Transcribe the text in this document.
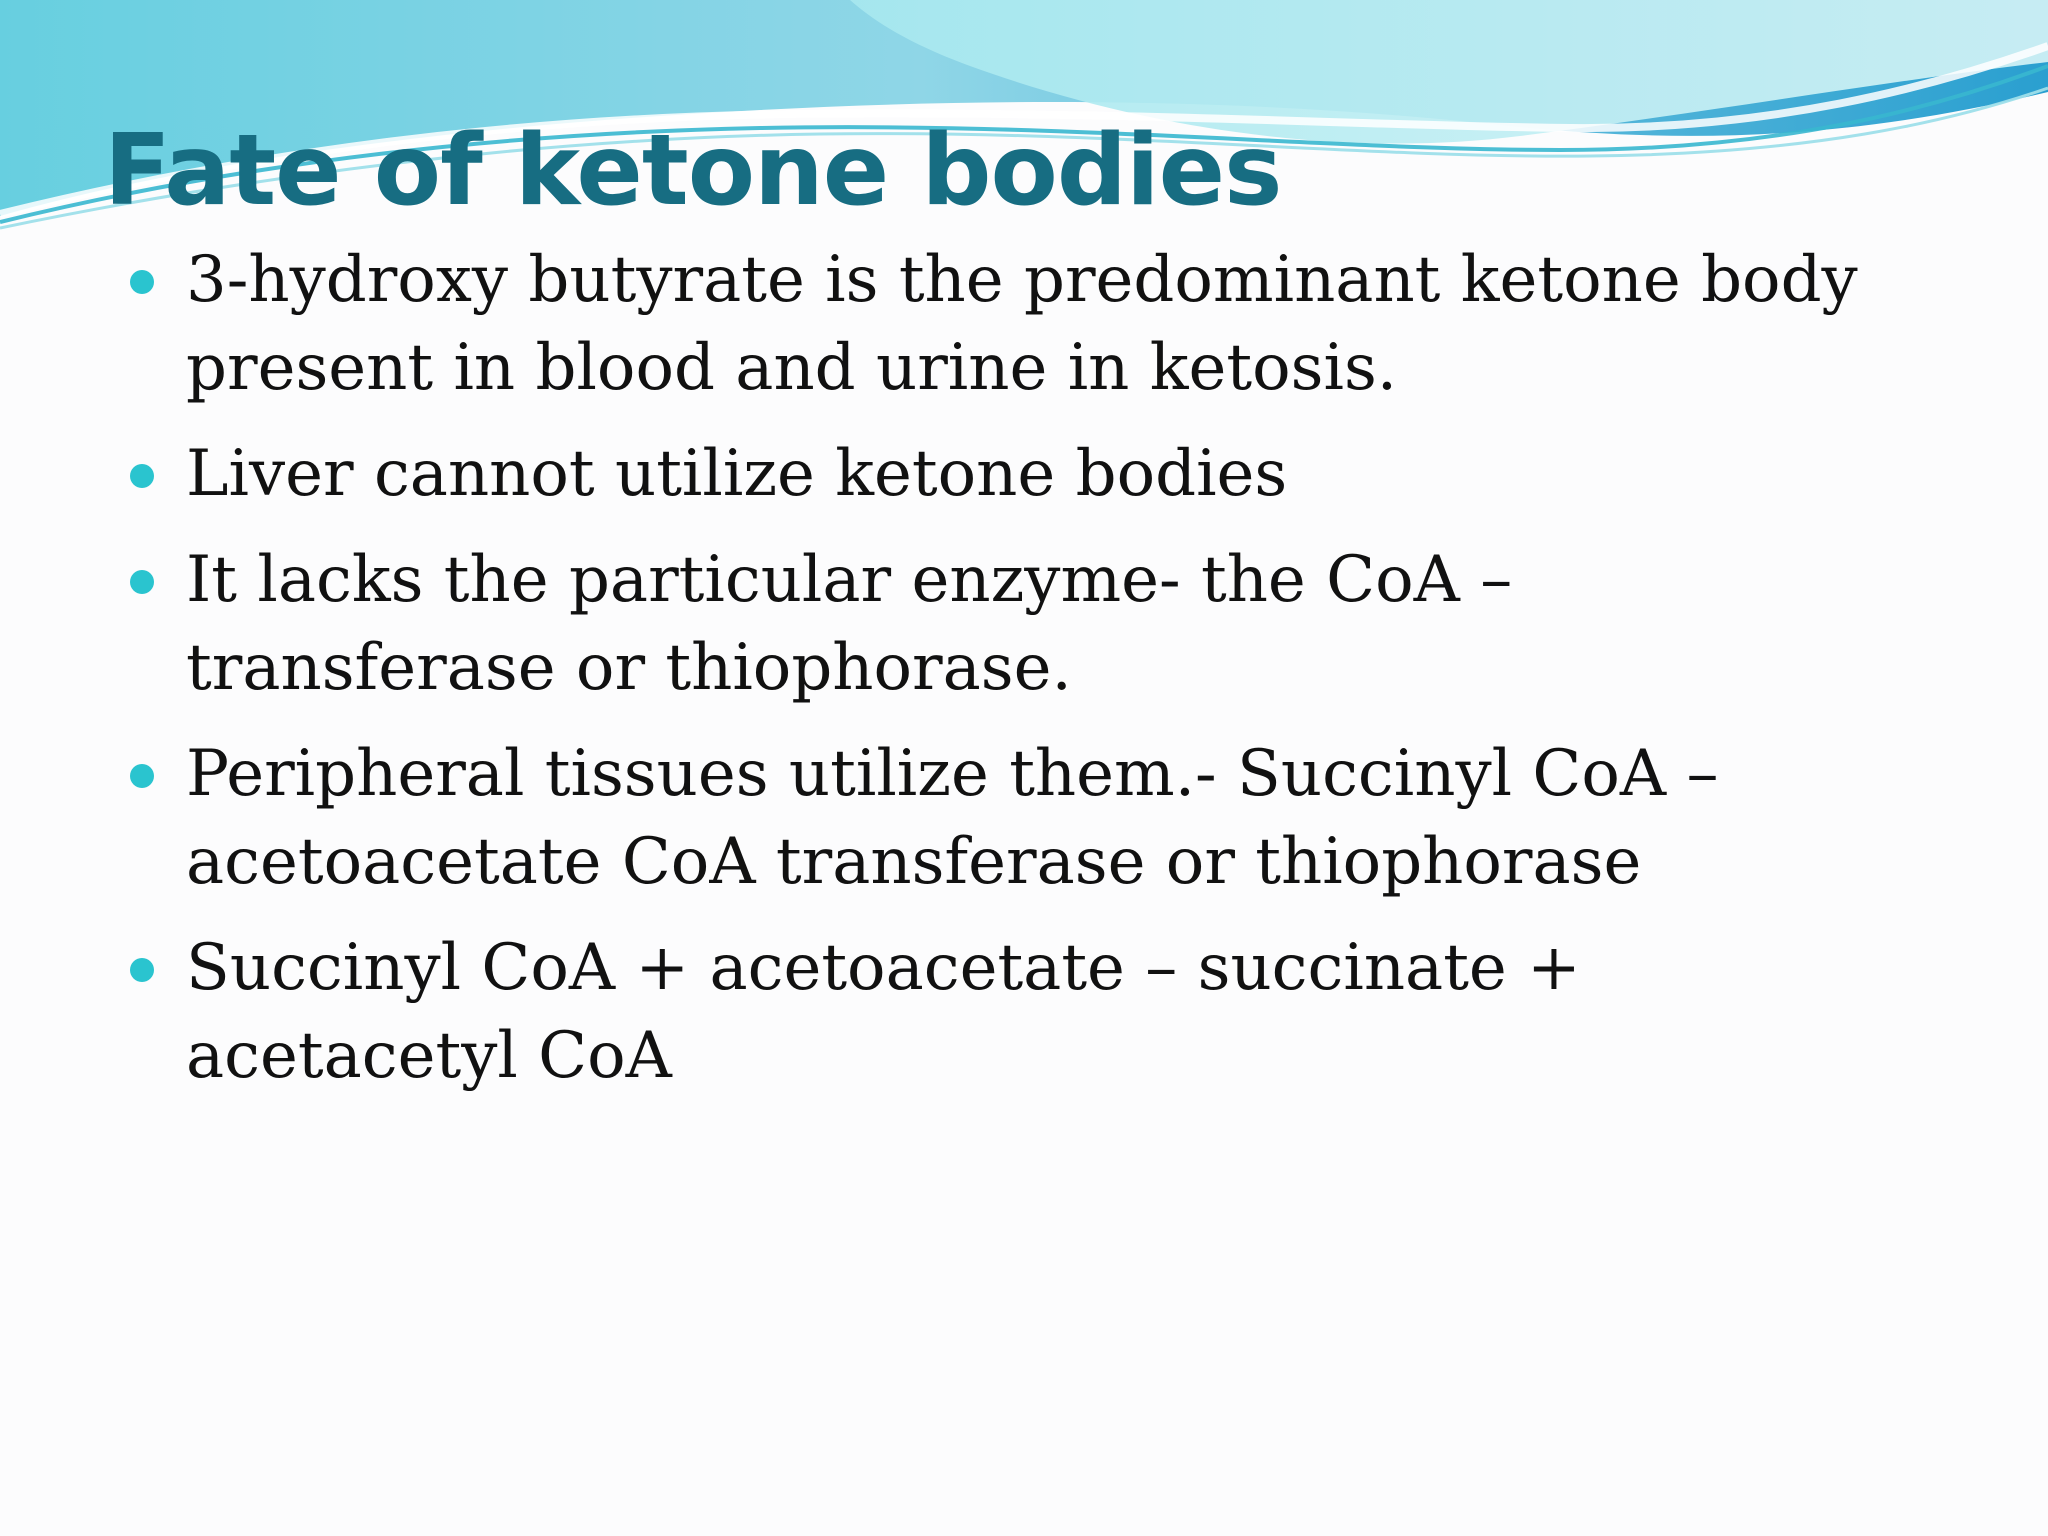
Fate of ketone bodies
3-hydroxy butyrate is the predominant ketone body present in blood and urine in ketosis.
Liver cannot utilize ketone bodies
It lacks the particular enzyme- the CoA – transferase or thiophorase.
Peripheral tissues utilize them.- Succinyl CoA – acetoacetate CoA transferase or thiophorase
Succinyl CoA + acetoacetate – succinate + acetacetyl CoA
